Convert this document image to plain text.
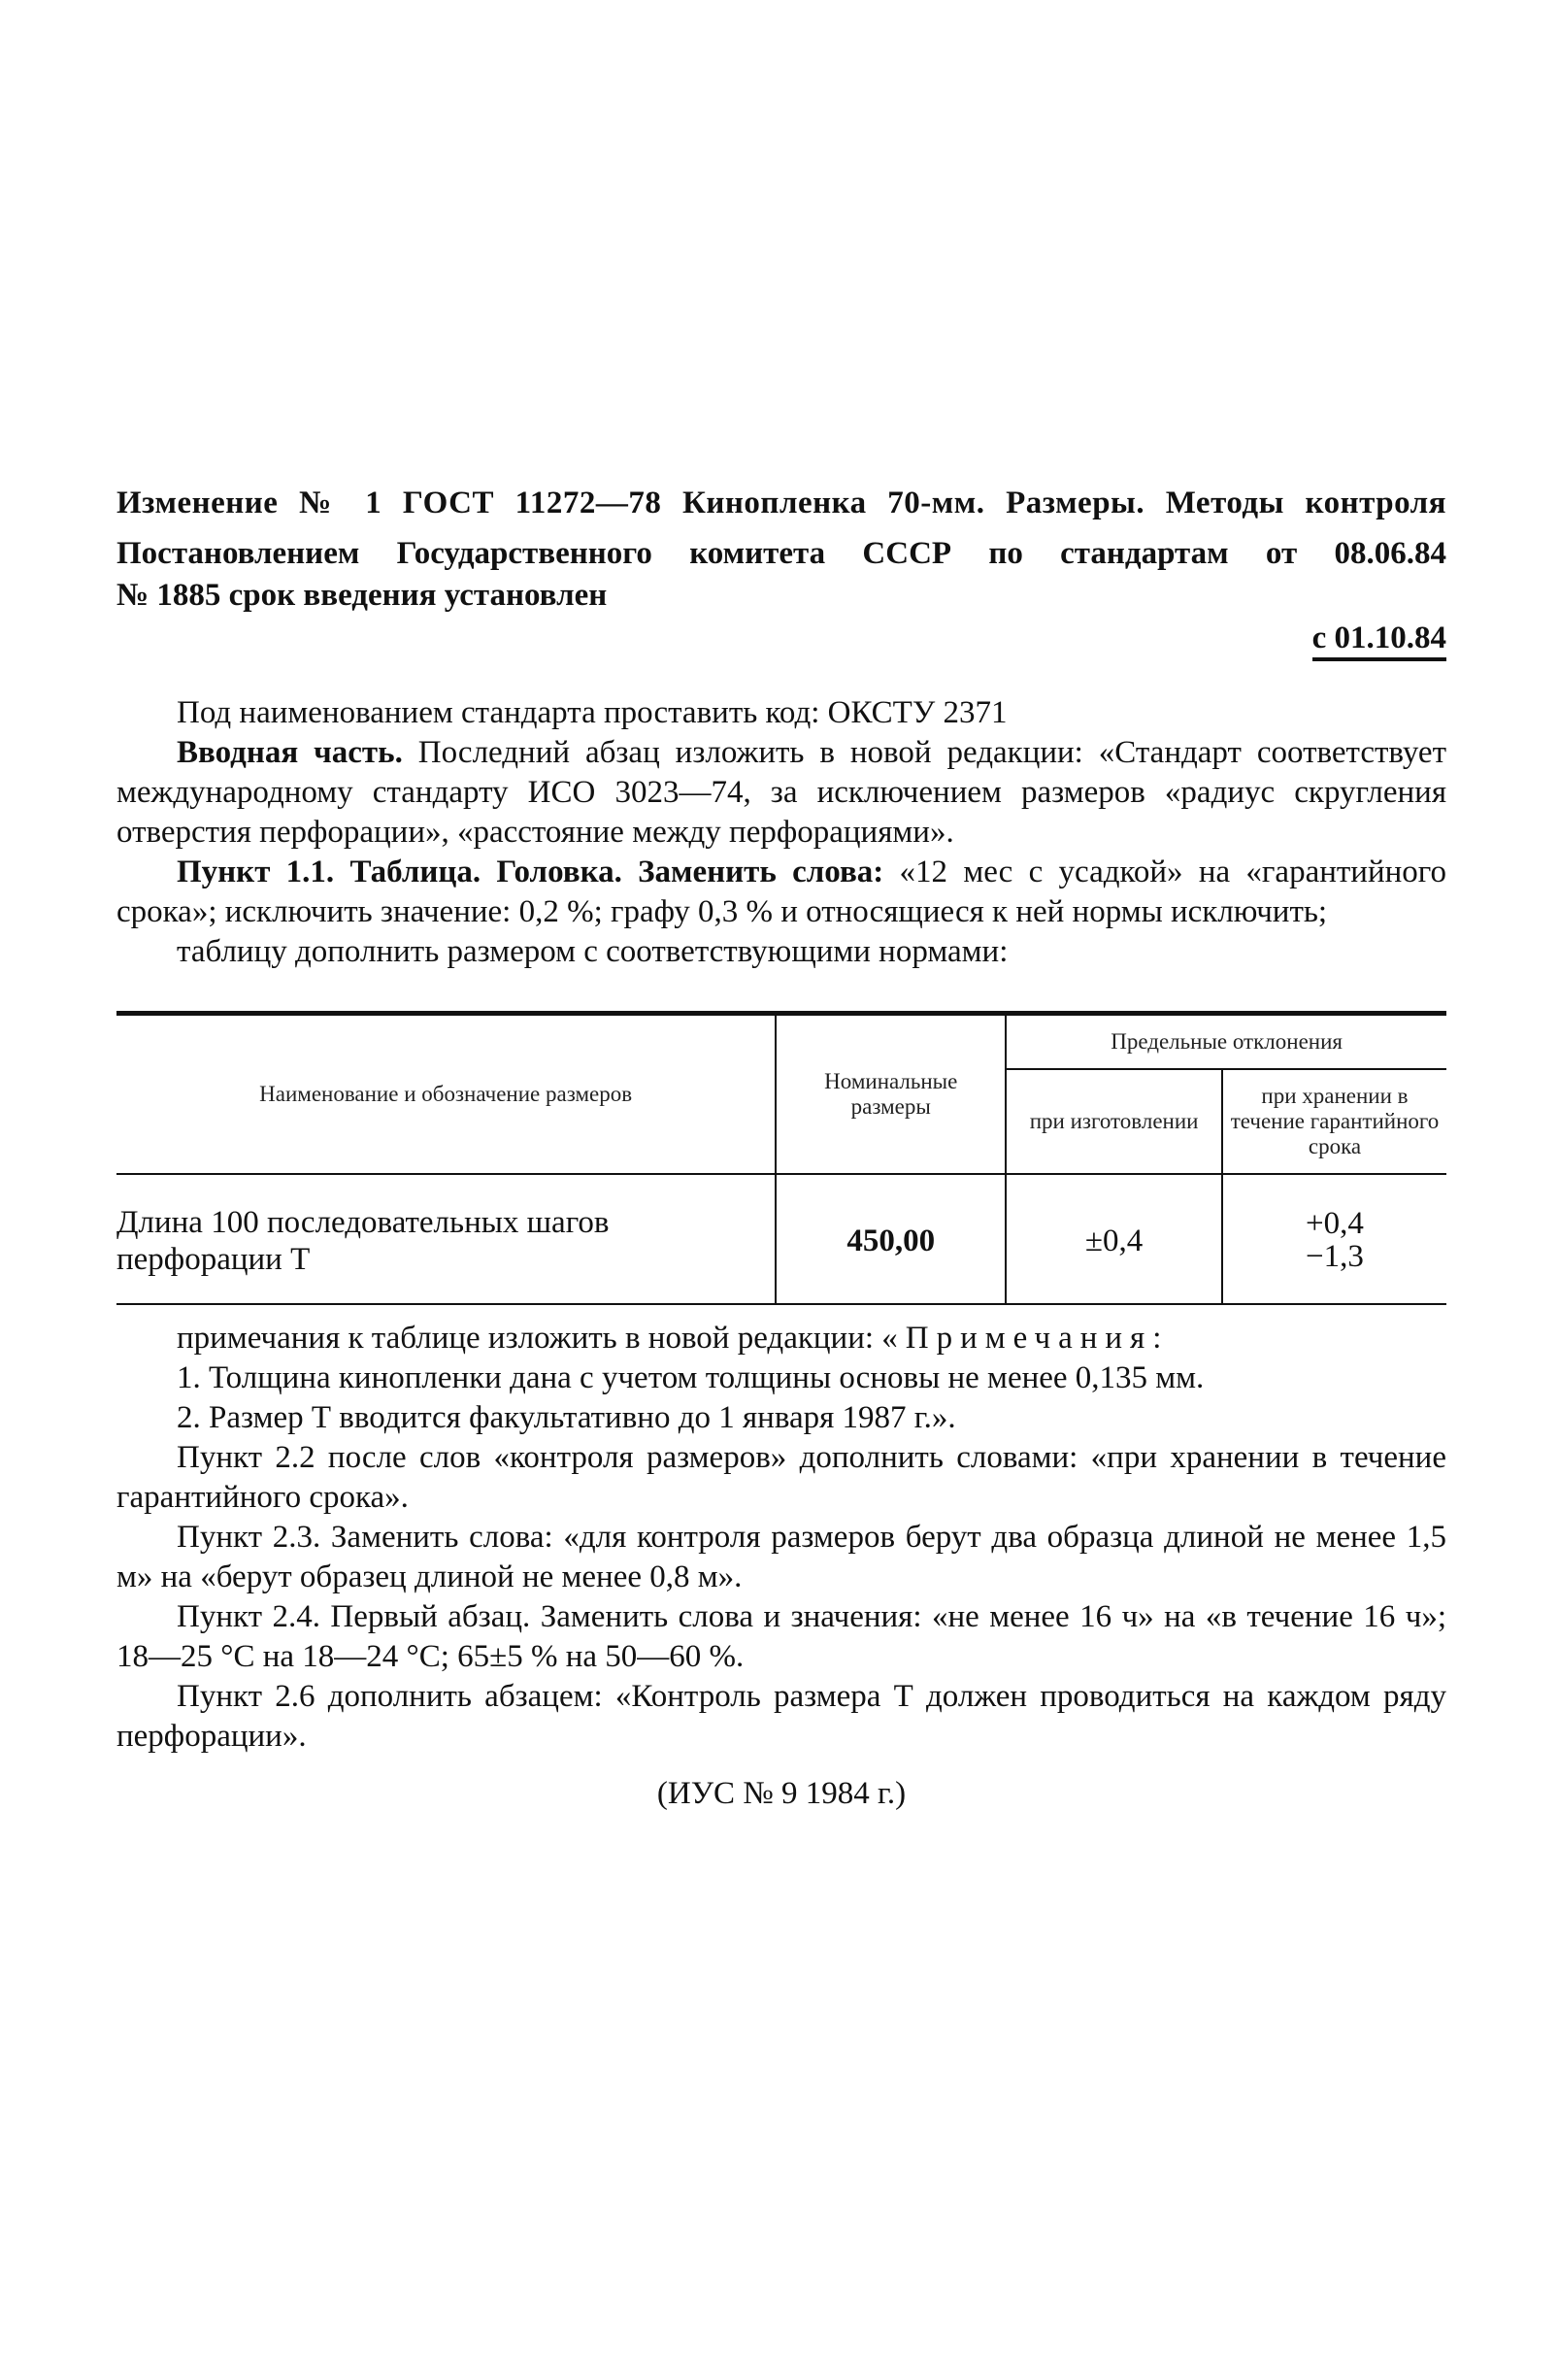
Изменение № 1 ГОСТ 11272—78 Кинопленка 70-мм. Размеры. Методы контроля
Постановлением Государственного комитета СССР по стандартам от 08.06.84
№ 1885 срок введения установлен
с 01.10.84

Под наименованием стандарта проставить код: ОКСТУ 2371

Вводная часть. Последний абзац изложить в новой редакции: «Стандарт соответствует международному стандарту ИСО 3023—74, за исключением размеров «радиус скругления отверстия перфорации», «расстояние между перфорациями».

Пункт 1.1. Таблица. Головка. Заменить слова: «12 мес с усадкой» на «гарантийного срока»; исключить значение: 0,2 %; графу 0,3 % и относящиеся к ней нормы исключить;

таблицу дополнить размером с соответствующими нормами:

Наименование и обозначение размеров	Номинальные размеры	Предельные отклонения	
		при изготовлении	при хранении в течение гарантийного срока
Длина 100 последовательных шагов перфорации Т	450,00	±0,4	+0,4
−1,3

примечания к таблице изложить в новой редакции: «Примечания:

1. Толщина кинопленки дана с учетом толщины основы не менее 0,135 мм.

2. Размер Т вводится факультативно до 1 января 1987 г.».

Пункт 2.2 после слов «контроля размеров» дополнить словами: «при хранении в течение гарантийного срока».

Пункт 2.3. Заменить слова: «для контроля размеров берут два образца длиной не менее 1,5 м» на «берут образец длиной не менее 0,8 м».

Пункт 2.4. Первый абзац. Заменить слова и значения: «не менее 16 ч» на «в течение 16 ч»; 18—25 °С на 18—24 °С; 65±5 % на 50—60 %.

Пункт 2.6 дополнить абзацем: «Контроль размера Т должен проводиться на каждом ряду перфорации».

(ИУС № 9 1984 г.)
